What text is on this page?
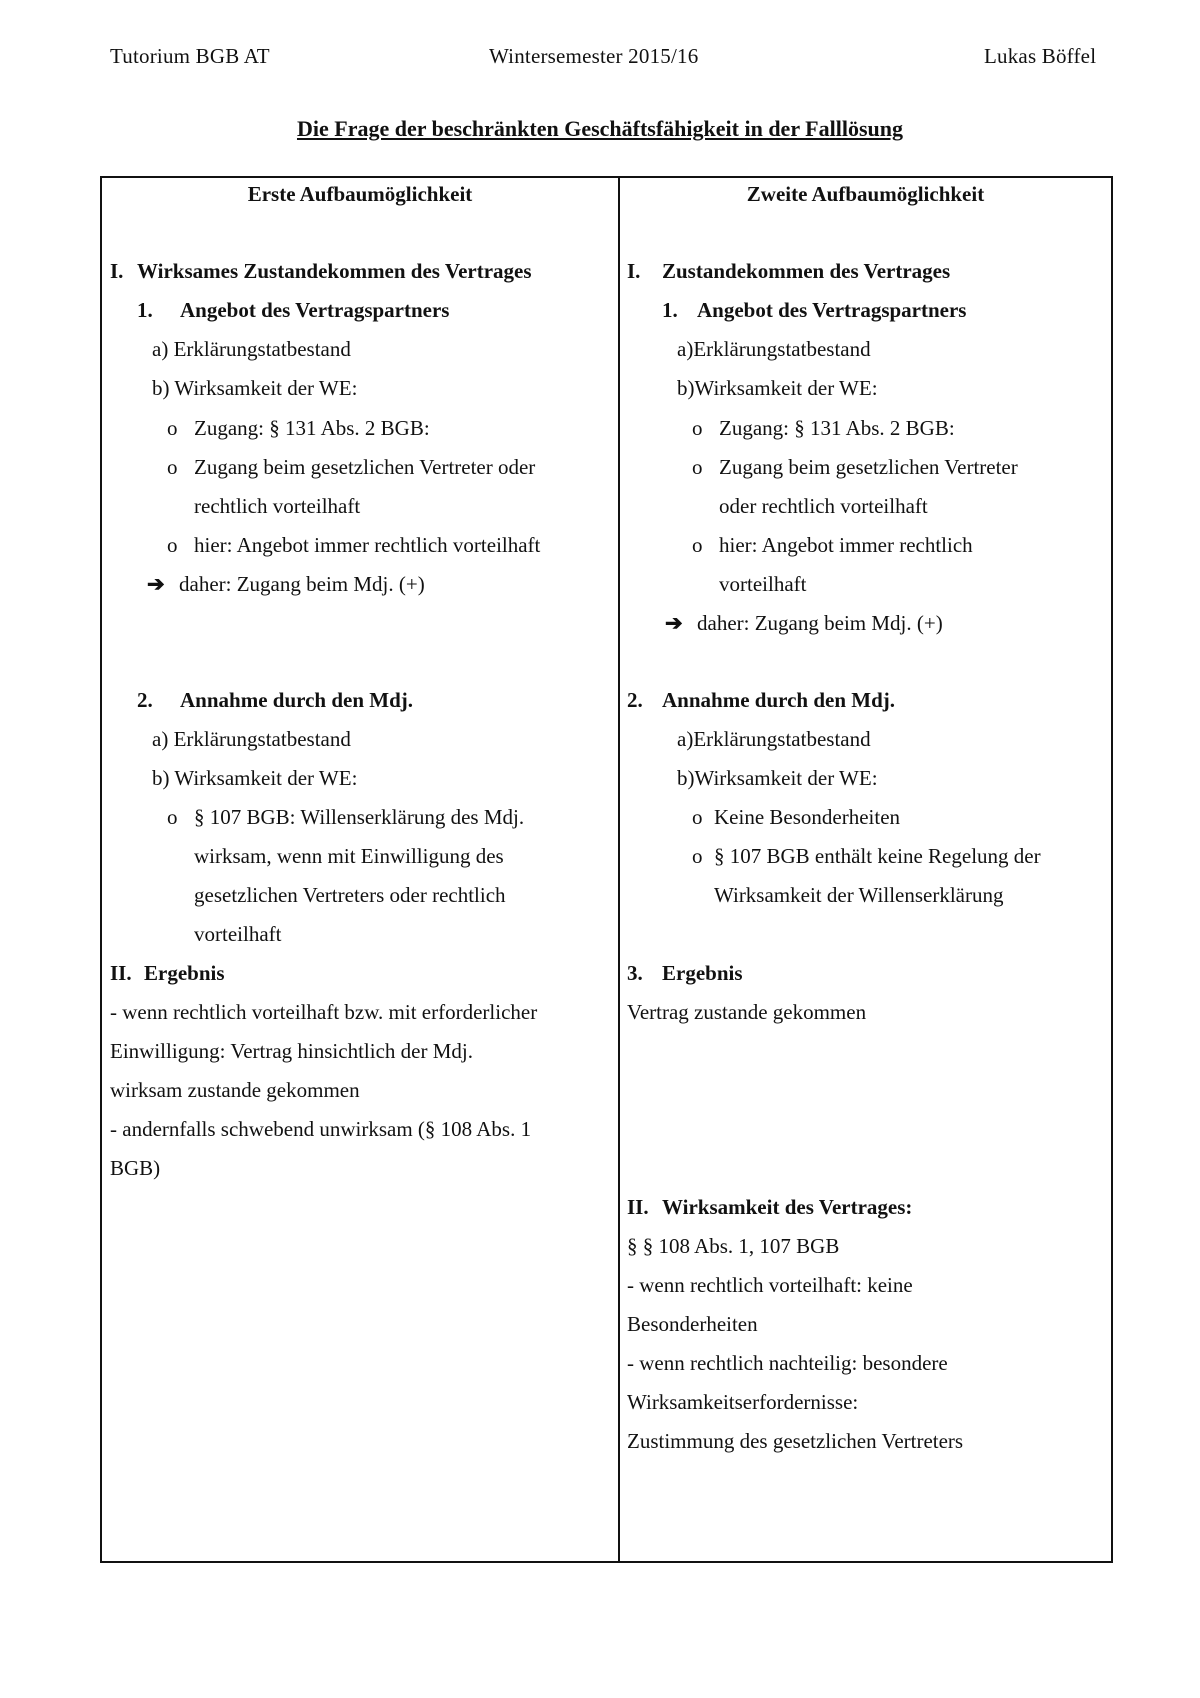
Tutorium BGB AT	Wintersemester 2015/16	Lukas Böffel
Die Frage der beschränkten Geschäftsfähigkeit in der Falllösung
Erste Aufbaumöglichkeit
I. Wirksames Zustandekommen des Vertrages
1. Angebot des Vertragspartners
a) Erklärungstatbestand
b) Wirksamkeit der WE:
o Zugang: § 131 Abs. 2 BGB:
o Zugang beim gesetzlichen Vertreter oder
rechtlich vorteilhaft
o hier: Angebot immer rechtlich vorteilhaft
➔ daher: Zugang beim Mdj. (+)
2. Annahme durch den Mdj.
a) Erklärungstatbestand
b) Wirksamkeit der WE:
o § 107 BGB: Willenserklärung des Mdj.
wirksam, wenn mit Einwilligung des
gesetzlichen Vertreters oder rechtlich
vorteilhaft
II. Ergebnis
- wenn rechtlich vorteilhaft bzw. mit erforderlicher
Einwilligung: Vertrag hinsichtlich der Mdj.
wirksam zustande gekommen
- andernfalls schwebend unwirksam (§ 108 Abs. 1
BGB)
Zweite Aufbaumöglichkeit
I. Zustandekommen des Vertrages
1. Angebot des Vertragspartners
a)Erklärungstatbestand
b)Wirksamkeit der WE:
o Zugang: § 131 Abs. 2 BGB:
o Zugang beim gesetzlichen Vertreter
oder rechtlich vorteilhaft
o hier: Angebot immer rechtlich
vorteilhaft
➔ daher: Zugang beim Mdj. (+)
2. Annahme durch den Mdj.
a)Erklärungstatbestand
b)Wirksamkeit der WE:
o Keine Besonderheiten
o § 107 BGB enthält keine Regelung der
Wirksamkeit der Willenserklärung
3. Ergebnis
Vertrag zustande gekommen
II. Wirksamkeit des Vertrages:
§ § 108 Abs. 1, 107 BGB
- wenn rechtlich vorteilhaft: keine
Besonderheiten
- wenn rechtlich nachteilig: besondere
Wirksamkeitserfordernisse:
Zustimmung des gesetzlichen Vertreters
